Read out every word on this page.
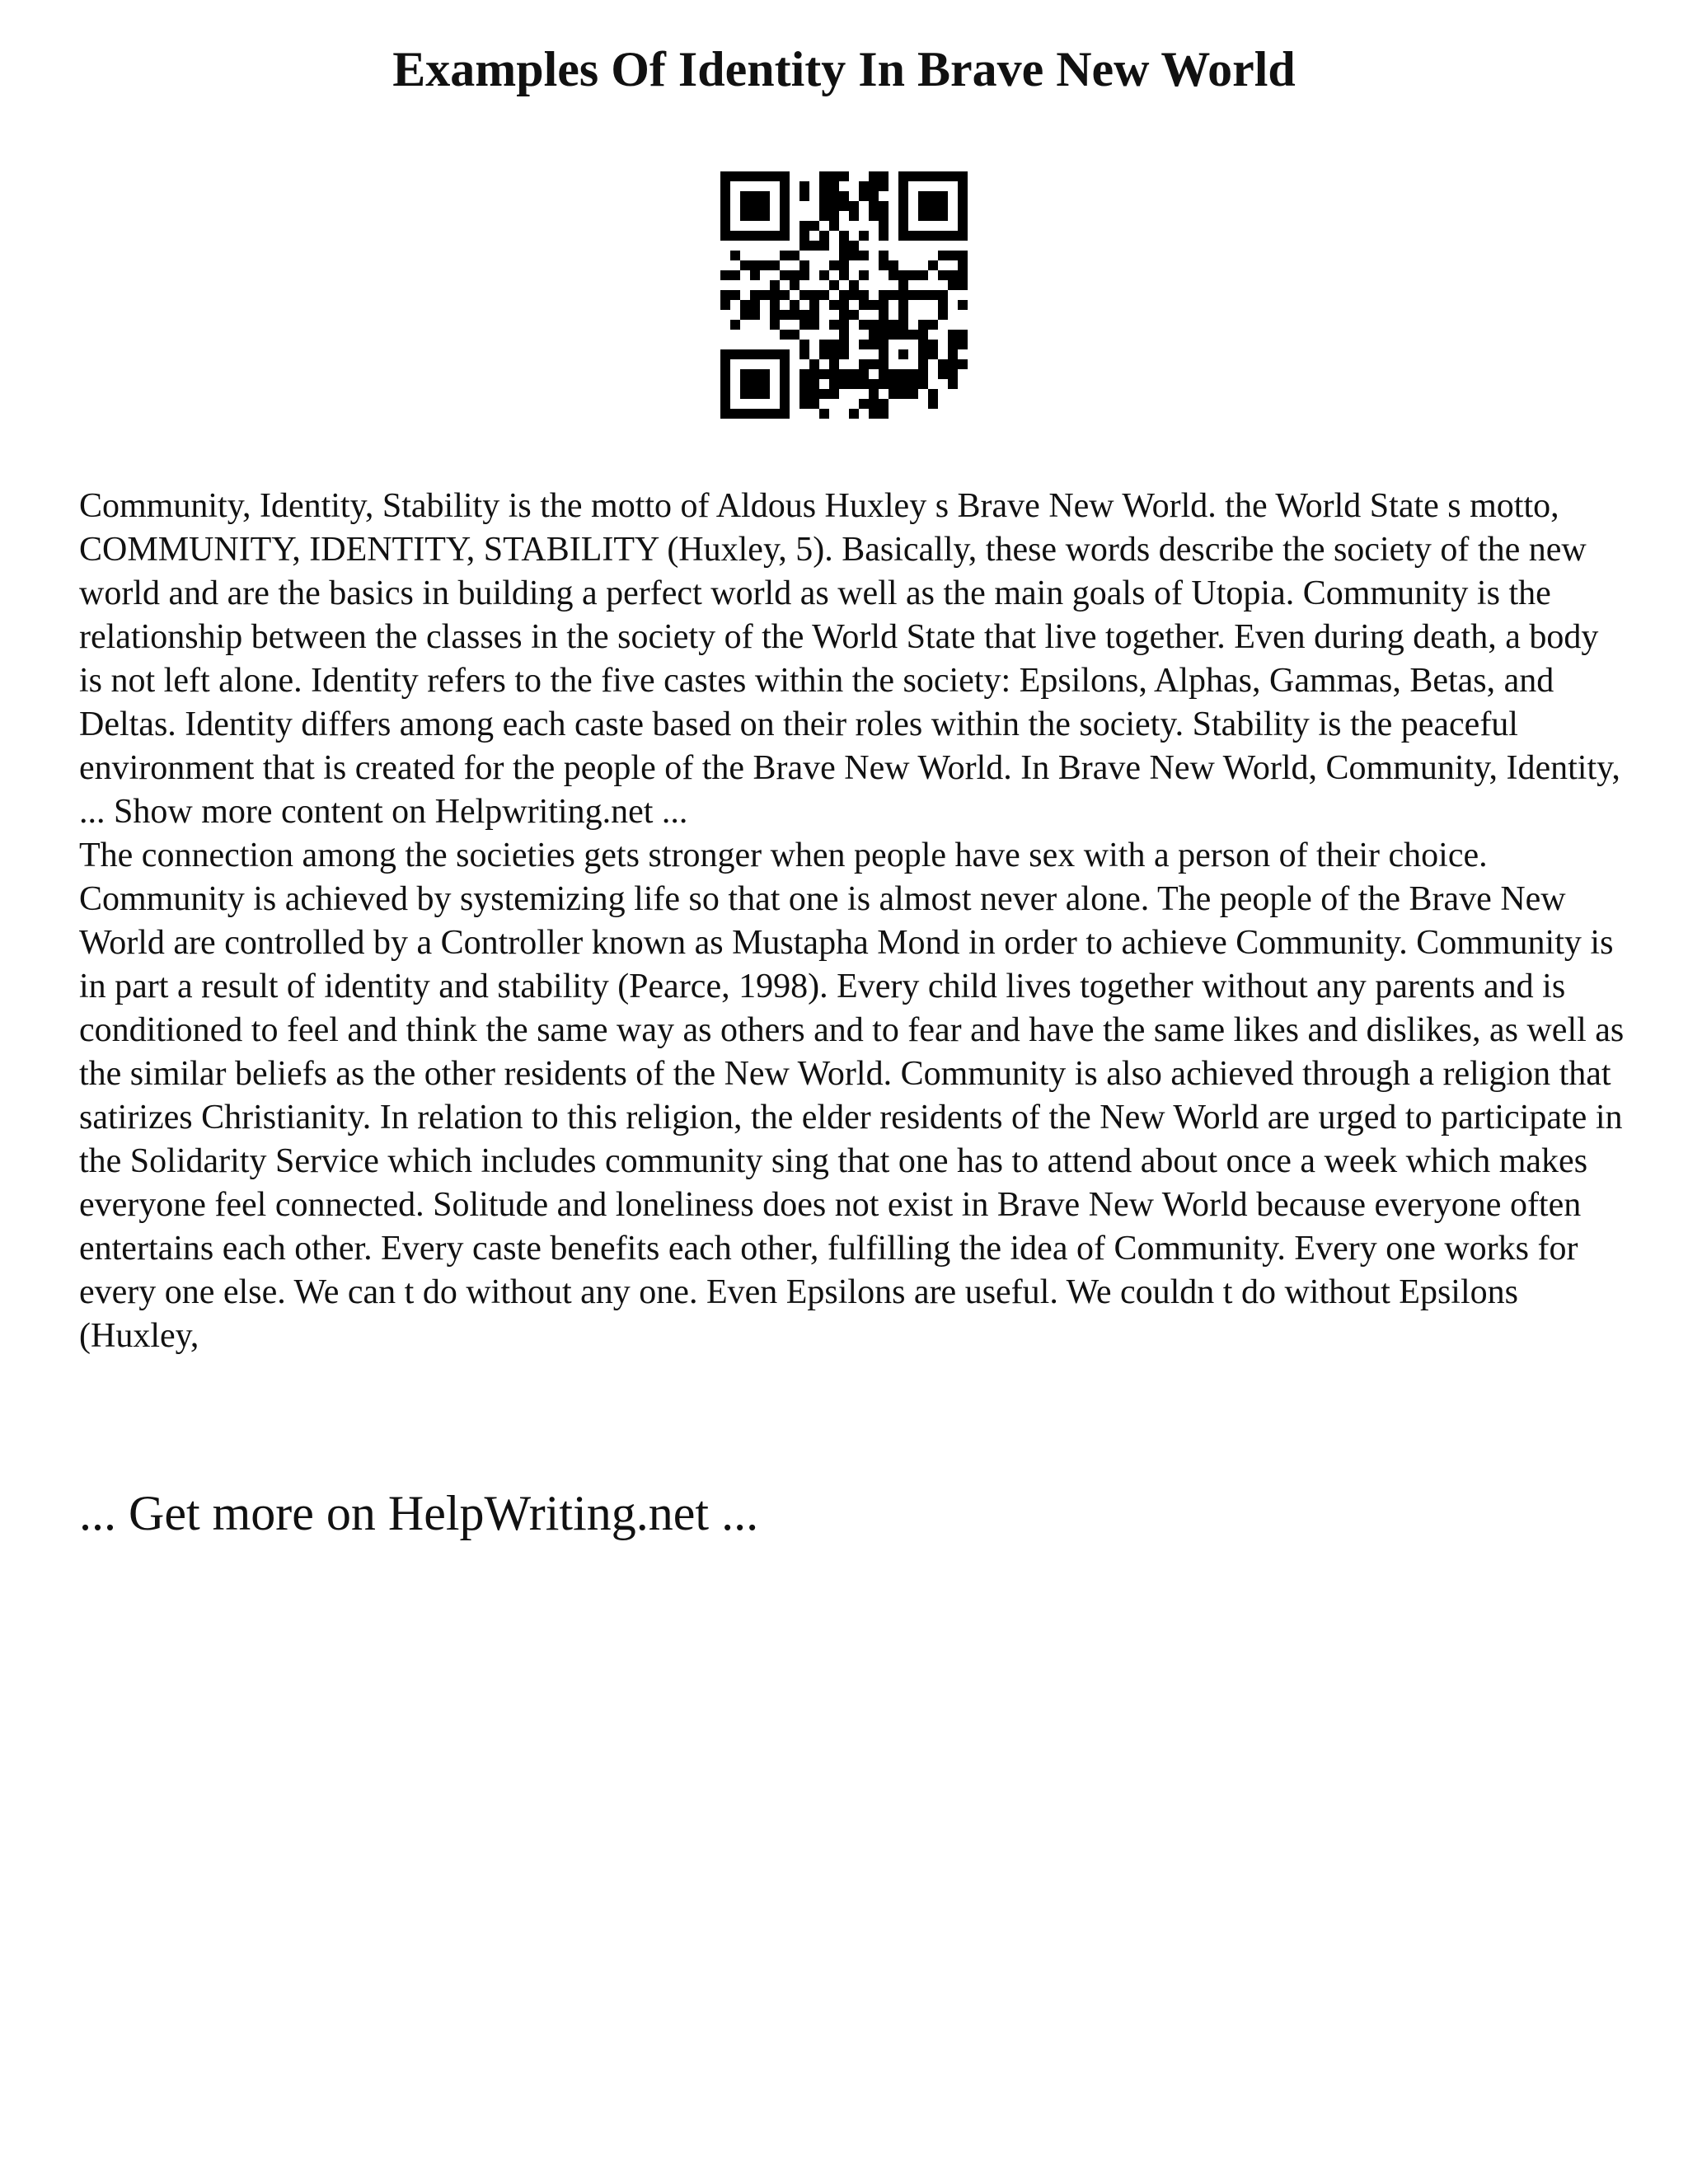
Examples Of Identity In Brave New World

Community, Identity, Stability is the motto of Aldous Huxley s Brave New World. the World State s motto, COMMUNITY, IDENTITY, STABILITY (Huxley, 5). Basically, these words describe the society of the new world and are the basics in building a perfect world as well as the main goals of Utopia. Community is the relationship between the classes in the society of the World State that live together. Even during death, a body is not left alone. Identity refers to the five castes within the society: Epsilons, Alphas, Gammas, Betas, and Deltas. Identity differs among each caste based on their roles within the society. Stability is the peaceful environment that is created for the people of the Brave New World. In Brave New World, Community, Identity, ... Show more content on Helpwriting.net ...

The connection among the societies gets stronger when people have sex with a person of their choice. Community is achieved by systemizing life so that one is almost never alone. The people of the Brave New World are controlled by a Controller known as Mustapha Mond in order to achieve Community. Community is in part a result of identity and stability (Pearce, 1998). Every child lives together without any parents and is conditioned to feel and think the same way as others and to fear and have the same likes and dislikes, as well as the similar beliefs as the other residents of the New World. Community is also achieved through a religion that satirizes Christianity. In relation to this religion, the elder residents of the New World are urged to participate in the Solidarity Service which includes community sing that one has to attend about once a week which makes everyone feel connected. Solitude and loneliness does not exist in Brave New World because everyone often entertains each other. Every caste benefits each other, fulfilling the idea of Community. Every one works for every one else. We can t do without any one. Even Epsilons are useful. We couldn t do without Epsilons (Huxley,

... Get more on HelpWriting.net ...
